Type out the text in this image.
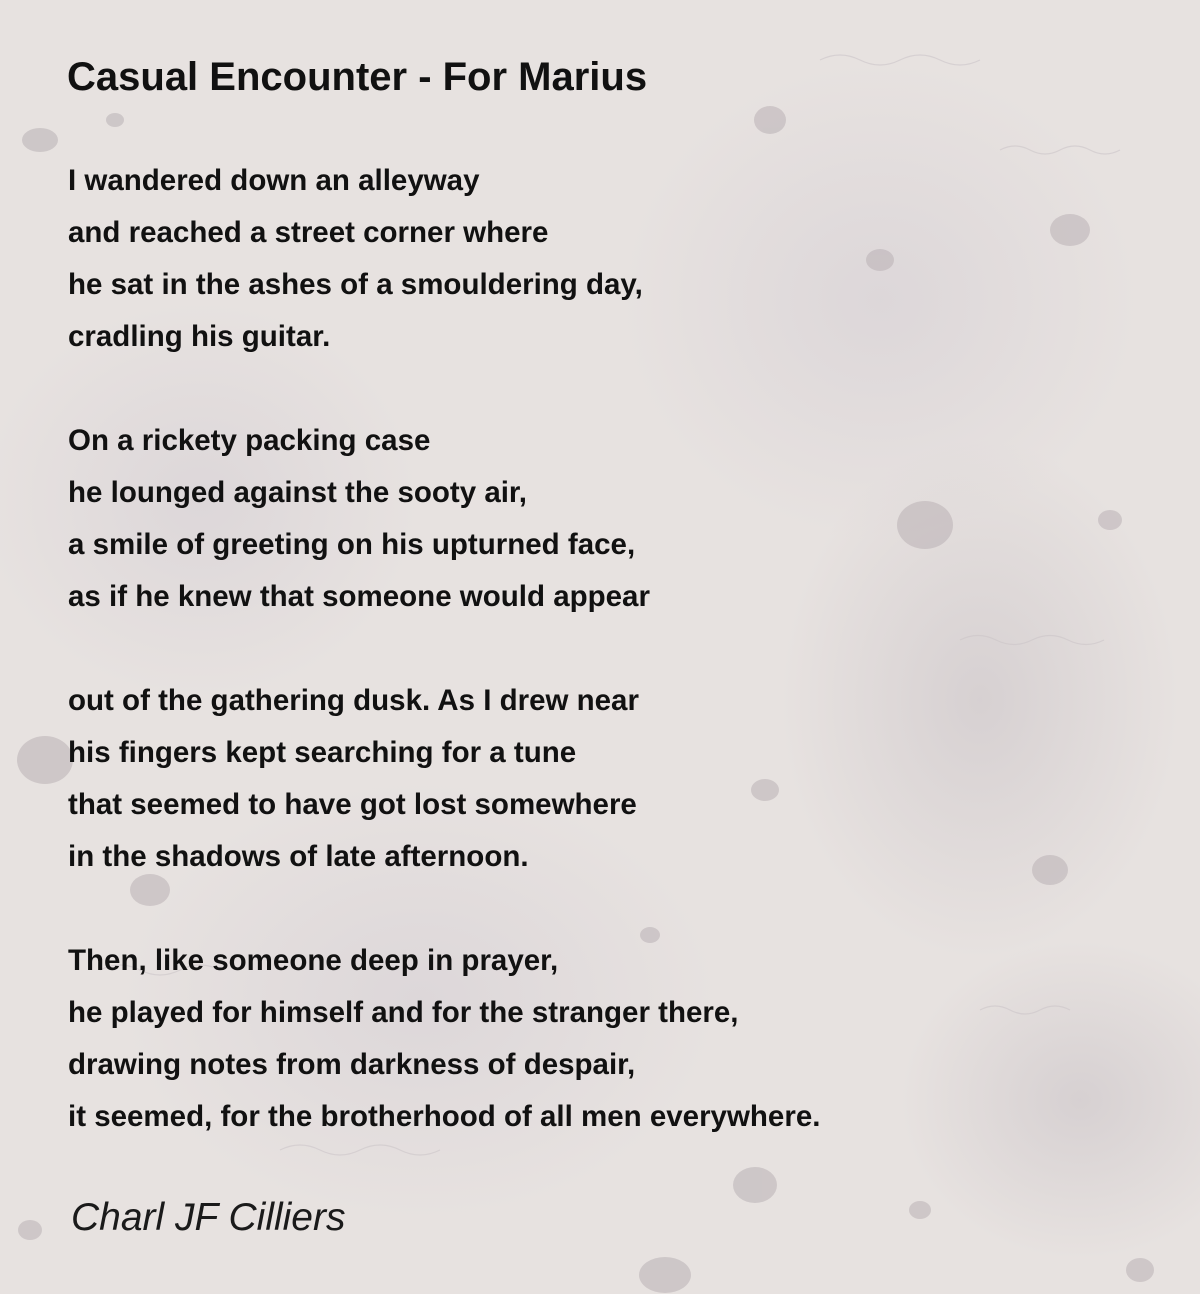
Casual Encounter - For Marius
I wandered down an alleyway
and reached a street corner where
he sat in the ashes of a smouldering day,
cradling his guitar.
On a rickety packing case
he lounged against the sooty air,
a smile of greeting on his upturned face,
as if he knew that someone would appear
out of the gathering dusk. As I drew near
his fingers kept searching for a tune
that seemed to have got lost somewhere
in the shadows of late afternoon.
Then, like someone deep in prayer,
he played for himself and for the stranger there,
drawing notes from darkness of despair,
it seemed, for the brotherhood of all men everywhere.
Charl JF Cilliers
